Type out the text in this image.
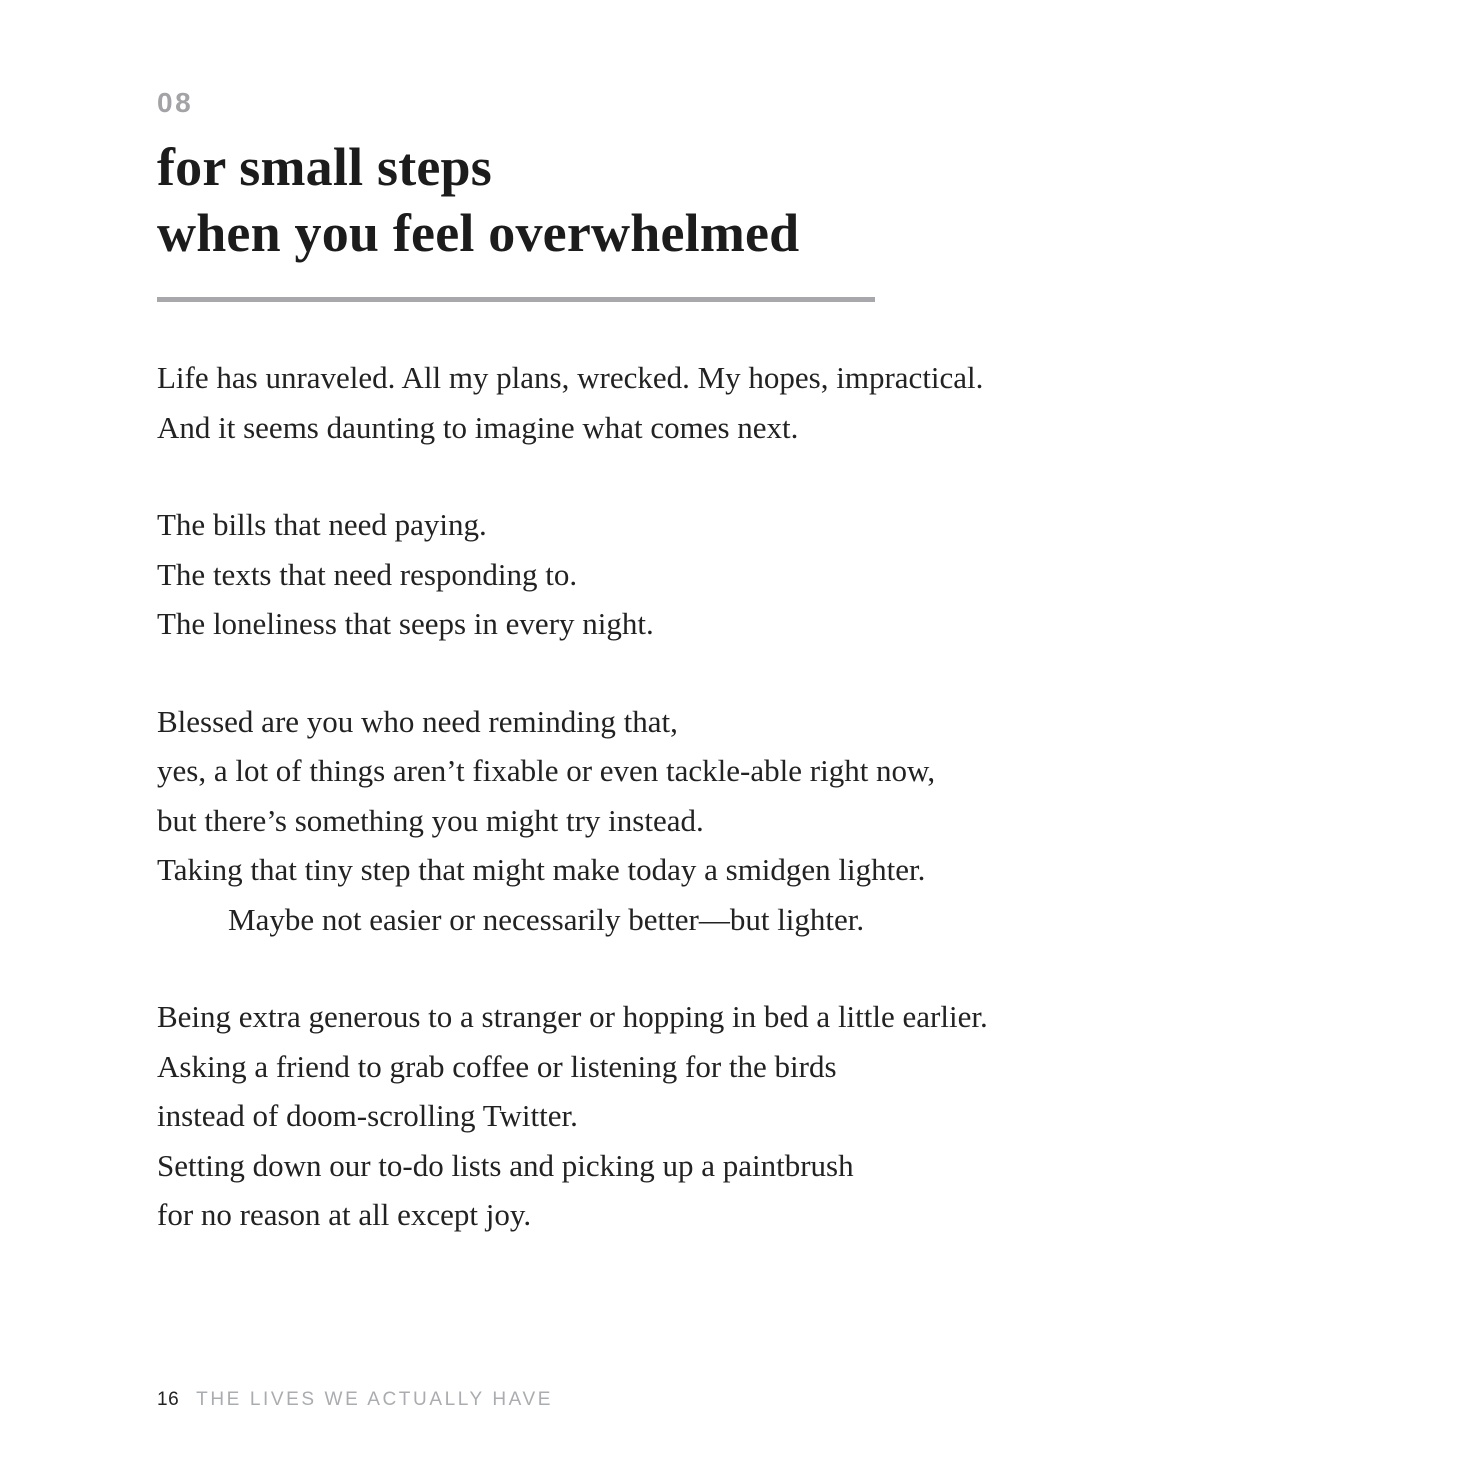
08
for small steps
when you feel overwhelmed

Life has unraveled. All my plans, wrecked. My hopes, impractical.

And it seems daunting to imagine what comes next.

The bills that need paying.

The texts that need responding to.

The loneliness that seeps in every night.

Blessed are you who need reminding that,

yes, a lot of things aren’t fixable or even tackle-able right now,

but there’s something you might try instead.

Taking that tiny step that might make today a smidgen lighter.

Maybe not easier or necessarily better—but lighter.

Being extra generous to a stranger or hopping in bed a little earlier.

Asking a friend to grab coffee or listening for the birds

instead of doom-scrolling Twitter.

Setting down our to-do lists and picking up a paintbrush

for no reason at all except joy.

16 THE LIVES WE ACTUALLY HAVE
